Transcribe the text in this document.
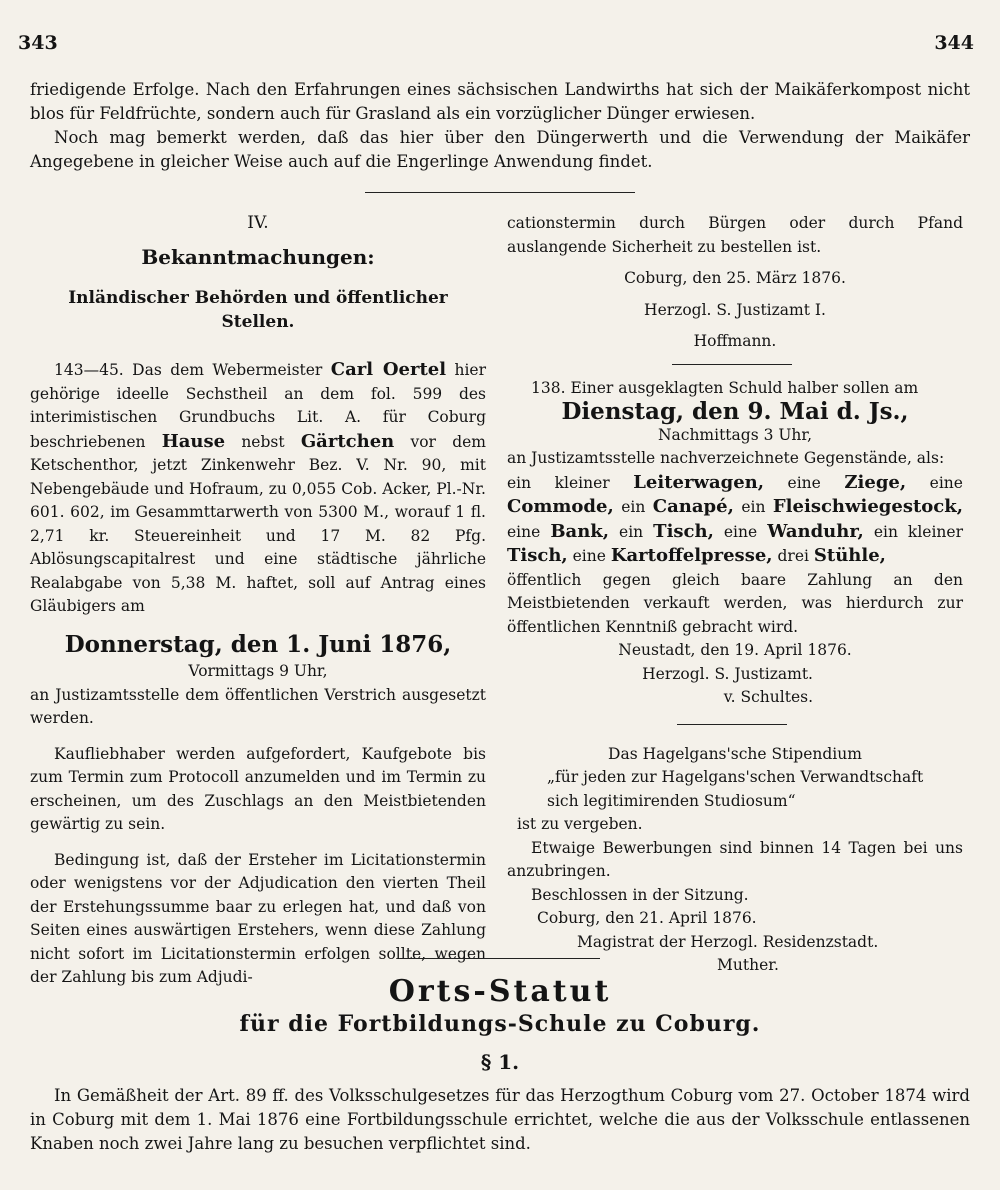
343	344

friedigende Erfolge. Nach den Erfahrungen eines sächsischen Landwirths hat sich der Maikäferkompost nicht blos für Feldfrüchte, sondern auch für Grasland als ein vorzüglicher Dünger erwiesen.

Noch mag bemerkt werden, daß das hier über den Düngerwerth und die Verwendung der Maikäfer Angegebene in gleicher Weise auch auf die Engerlinge Anwendung findet.

IV.
Bekanntmachungen:
Inländischer Behörden und öffentlicher Stellen.

143—45. Das dem Webermeister Carl Oertel hier gehörige ideelle Sechstheil an dem fol. 599 des interimistischen Grundbuchs Lit. A. für Coburg beschriebenen Hause nebst Gärtchen vor dem Ketschenthor, jetzt Zinkenwehr Bez. V. Nr. 90, mit Nebengebäude und Hofraum, zu 0,055 Cob. Acker, Pl.-Nr. 601. 602, im Gesammttarwerth von 5300 M., worauf 1 fl. 2,71 kr. Steuereinheit und 17 M. 82 Pfg. Ablösungscapitalrest und eine städtische jährliche Realabgabe von 5,38 M. haftet, soll auf Antrag eines Gläubigers am

Donnerstag, den 1. Juni 1876,
Vormittags 9 Uhr,

an Justizamtsstelle dem öffentlichen Verstrich ausgesetzt werden.

Kaufliebhaber werden aufgefordert, Kaufgebote bis zum Termin zum Protocoll anzumelden und im Termin zu erscheinen, um des Zuschlags an den Meistbietenden gewärtig zu sein.

Bedingung ist, daß der Ersteher im Licitationstermin oder wenigstens vor der Adjudication den vierten Theil der Erstehungssumme baar zu erlegen hat, und daß von Seiten eines auswärtigen Erstehers, wenn diese Zahlung nicht sofort im Licitationstermin erfolgen sollte, wegen der Zahlung bis zum Adjudi-

cationstermin durch Bürgen oder durch Pfand auslangende Sicherheit zu bestellen ist.

Coburg, den 25. März 1876.
Herzogl. S. Justizamt I.
Hoffmann.

138. Einer ausgeklagten Schuld halber sollen am

Dienstag, den 9. Mai d. Js.,
Nachmittags 3 Uhr,

an Justizamtsstelle nachverzeichnete Gegenstände, als:

ein kleiner Leiterwagen, eine Ziege, eine Commode, ein Canapé, ein Fleischwiegestock, eine Bank, ein Tisch, eine Wanduhr, ein kleiner Tisch, eine Kartoffelpresse, drei Stühle,

öffentlich gegen gleich baare Zahlung an den Meistbietenden verkauft werden, was hierdurch zur öffentlichen Kenntniß gebracht wird.

Neustadt, den 19. April 1876.
Herzogl. S. Justizamt.
v. Schultes.

Das Hagelgans'sche Stipendium

„für jeden zur Hagelgans'schen Verwandtschaft sich legitimirenden Studiosum“

ist zu vergeben.

Etwaige Bewerbungen sind binnen 14 Tagen bei uns anzubringen.

Beschlossen in der Sitzung.

Coburg, den 21. April 1876.
Magistrat der Herzogl. Residenzstadt.
Muther.
Orts-Statut
für die Fortbildungs-Schule zu Coburg.
§ 1.

In Gemäßheit der Art. 89 ff. des Volksschulgesetzes für das Herzogthum Coburg vom 27. October 1874 wird in Coburg mit dem 1. Mai 1876 eine Fortbildungsschule errichtet, welche die aus der Volksschule entlassenen Knaben noch zwei Jahre lang zu besuchen verpflichtet sind.
